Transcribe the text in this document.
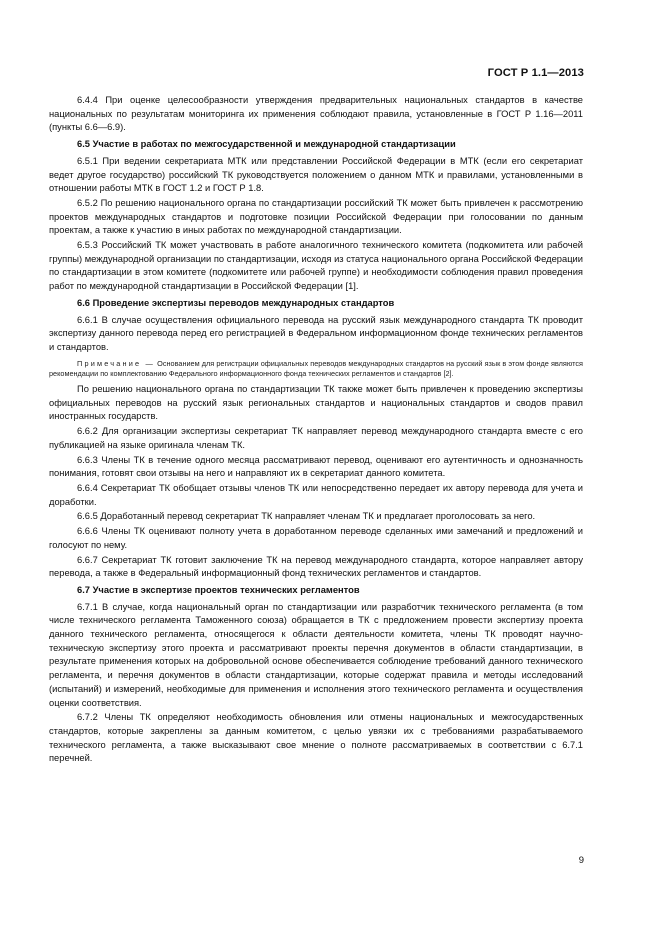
ГОСТ Р 1.1—2013

6.4.4 При оценке целесообразности утверждения предварительных национальных стандартов в качестве национальных по результатам мониторинга их применения соблюдают правила, установленные в ГОСТ Р 1.16—2011 (пункты 6.6—6.9).

6.5 Участие в работах по межгосударственной и международной стандартизации

6.5.1 При ведении секретариата МТК или представлении Российской Федерации в МТК (если его секретариат ведет другое государство) российский ТК руководствуется положением о данном МТК и правилами, установленными в отношении работы МТК в ГОСТ 1.2 и ГОСТ Р 1.8.

6.5.2 По решению национального органа по стандартизации российский ТК может быть привлечен к рассмотрению проектов международных стандартов и подготовке позиции Российской Федерации при голосовании по данным проектам, а также к участию в иных работах по международной стандартизации.

6.5.3 Российский ТК может участвовать в работе аналогичного технического комитета (подкомитета или рабочей группы) международной организации по стандартизации, исходя из статуса национального органа Российской Федерации по стандартизации в этом комитете (подкомитете или рабочей группе) и необходимости соблюдения правил проведения работ по международной стандартизации в Российской Федерации [1].

6.6 Проведение экспертизы переводов международных стандартов

6.6.1 В случае осуществления официального перевода на русский язык международного стандарта ТК проводит экспертизу данного перевода перед его регистрацией в Федеральном информационном фонде технических регламентов и стандартов.

Примечание — Основанием для регистрации официальных переводов международных стандартов на русский язык в этом фонде являются рекомендации по комплектованию Федерального информационного фонда технических регламентов и стандартов [2].

По решению национального органа по стандартизации ТК также может быть привлечен к проведению экспертизы официальных переводов на русский язык региональных стандартов и национальных стандартов и сводов правил иностранных государств.

6.6.2 Для организации экспертизы секретариат ТК направляет перевод международного стандарта вместе с его публикацией на языке оригинала членам ТК.

6.6.3 Члены ТК в течение одного месяца рассматривают перевод, оценивают его аутентичность и однозначность понимания, готовят свои отзывы на него и направляют их в секретариат данного комитета.

6.6.4 Секретариат ТК обобщает отзывы членов ТК или непосредственно передает их автору перевода для учета и доработки.

6.6.5 Доработанный перевод секретариат ТК направляет членам ТК и предлагает проголосовать за него.

6.6.6 Члены ТК оценивают полноту учета в доработанном переводе сделанных ими замечаний и предложений и голосуют по нему.

6.6.7 Секретариат ТК готовит заключение ТК на перевод международного стандарта, которое направляет автору перевода, а также в Федеральный информационный фонд технических регламентов и стандартов.

6.7 Участие в экспертизе проектов технических регламентов

6.7.1 В случае, когда национальный орган по стандартизации или разработчик технического регламента (в том числе технического регламента Таможенного союза) обращается в ТК с предложением провести экспертизу проекта данного технического регламента, относящегося к области деятельности комитета, члены ТК проводят научно-техническую экспертизу этого проекта и рассматривают проекты перечня документов в области стандартизации, в результате применения которых на добровольной основе обеспечивается соблюдение требований данного технического регламента, и перечня документов в области стандартизации, которые содержат правила и методы исследований (испытаний) и измерений, необходимые для применения и исполнения этого технического регламента и осуществления оценки соответствия.

6.7.2 Члены ТК определяют необходимость обновления или отмены национальных и межгосударственных стандартов, которые закреплены за данным комитетом, с целью увязки их с требованиями разрабатываемого технического регламента, а также высказывают свое мнение о полноте рассматриваемых в соответствии с 6.7.1 перечней.

9
